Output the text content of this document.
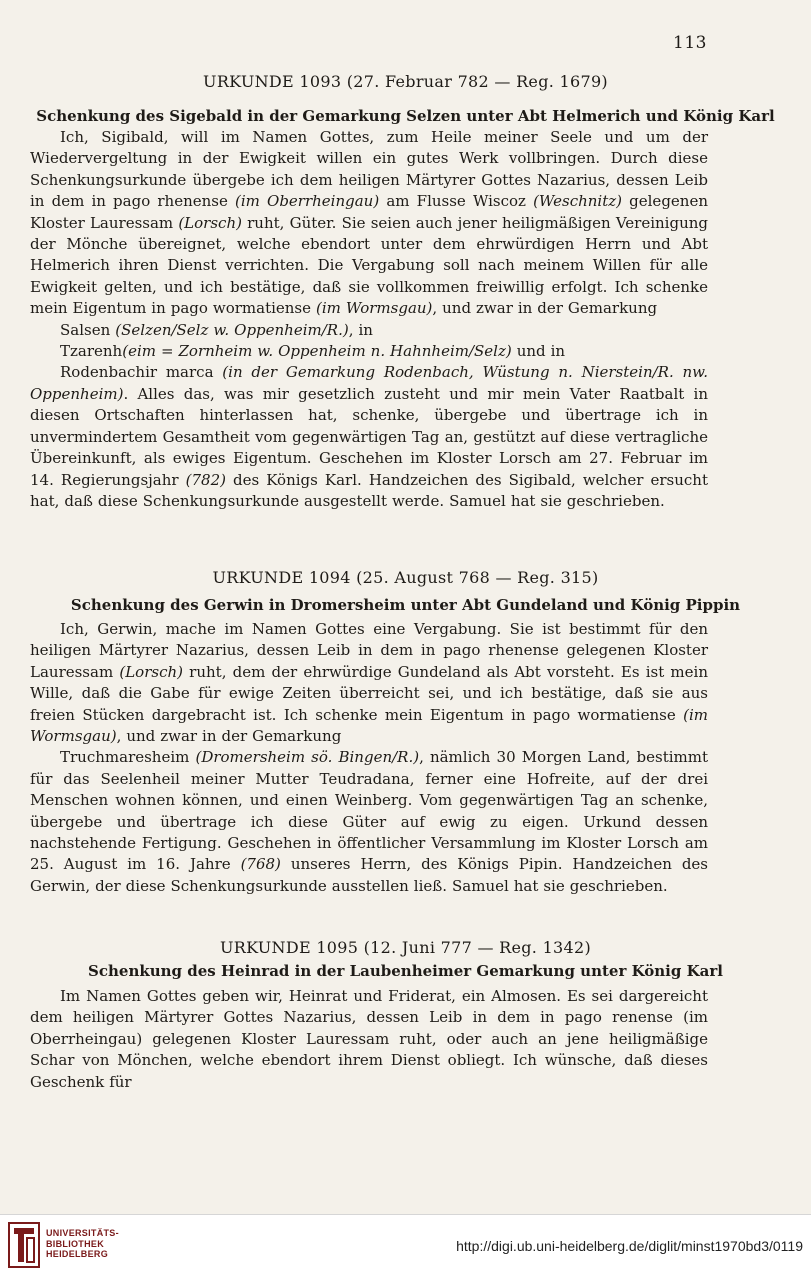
113
URKUNDE 1093 (27. Februar 782 — Reg. 1679)
Schenkung des Sigebald in der Gemarkung Selzen unter Abt Helmerich und König Karl

Ich, Sigibald, will im Namen Gottes, zum Heile meiner Seele und um der Wiedervergeltung in der Ewigkeit willen ein gutes Werk vollbringen. Durch diese Schenkungsurkunde übergebe ich dem heiligen Märtyrer Gottes Nazarius, dessen Leib in dem in pago rhenense (im Oberrheingau) am Flusse Wiscoz (Weschnitz) gelegenen Kloster Lauressam (Lorsch) ruht, Güter. Sie seien auch jener heiligmäßigen Vereinigung der Mönche übereignet, welche ebendort unter dem ehrwürdigen Herrn und Abt Helmerich ihren Dienst verrichten. Die Vergabung soll nach meinem Willen für alle Ewigkeit gelten, und ich bestätige, daß sie vollkommen freiwillig erfolgt. Ich schenke mein Eigentum in pago wormatiense (im Wormsgau), und zwar in der Gemarkung

Salsen (Selzen/Selz w. Oppenheim/R.), in

Tzarenh(eim = Zornheim w. Oppenheim n. Hahnheim/Selz) und in

Rodenbachir marca (in der Gemarkung Rodenbach, Wüstung n. Nierstein/R. nw. Oppenheim). Alles das, was mir gesetzlich zusteht und mir mein Vater Raatbalt in diesen Ortschaften hinterlassen hat, schenke, übergebe und übertrage ich in unvermindertem Gesamtheit vom gegenwärtigen Tag an, gestützt auf diese vertragliche Übereinkunft, als ewiges Eigentum. Geschehen im Kloster Lorsch am 27. Februar im 14. Regierungsjahr (782) des Königs Karl. Handzeichen des Sigibald, welcher ersucht hat, daß diese Schenkungsurkunde ausgestellt werde. Samuel hat sie geschrieben.

URKUNDE 1094 (25. August 768 — Reg. 315)
Schenkung des Gerwin in Dromersheim unter Abt Gundeland und König Pippin

Ich, Gerwin, mache im Namen Gottes eine Vergabung. Sie ist bestimmt für den heiligen Märtyrer Nazarius, dessen Leib in dem in pago rhenense gelegenen Kloster Lauressam (Lorsch) ruht, dem der ehrwürdige Gundeland als Abt vorsteht. Es ist mein Wille, daß die Gabe für ewige Zeiten überreicht sei, und ich bestätige, daß sie aus freien Stücken dargebracht ist. Ich schenke mein Eigentum in pago wormatiense (im Wormsgau), und zwar in der Gemarkung

Truchmaresheim (Dromersheim sö. Bingen/R.), nämlich 30 Morgen Land, bestimmt für das Seelenheil meiner Mutter Teudradana, ferner eine Hofreite, auf der drei Menschen wohnen können, und einen Weinberg. Vom gegenwärtigen Tag an schenke, übergebe und übertrage ich diese Güter auf ewig zu eigen. Urkund dessen nachstehende Fertigung. Geschehen in öffentlicher Versammlung im Kloster Lorsch am 25. August im 16. Jahre (768) unseres Herrn, des Königs Pipin. Handzeichen des Gerwin, der diese Schenkungsurkunde ausstellen ließ. Samuel hat sie geschrieben.

URKUNDE 1095 (12. Juni 777 — Reg. 1342)
Schenkung des Heinrad in der Laubenheimer Gemarkung unter König Karl

Im Namen Gottes geben wir, Heinrat und Friderat, ein Almosen. Es sei dargereicht dem heiligen Märtyrer Gottes Nazarius, dessen Leib in dem in pago renense (im Oberrheingau) gelegenen Kloster Lauressam ruht, oder auch an jene heiligmäßige Schar von Mönchen, welche ebendort ihrem Dienst obliegt. Ich wünsche, daß dieses Geschenk für

UNIVERSITÄTS-
BIBLIOTHEK
HEIDELBERG	http://digi.ub.uni-heidelberg.de/diglit/minst1970bd3/0119
